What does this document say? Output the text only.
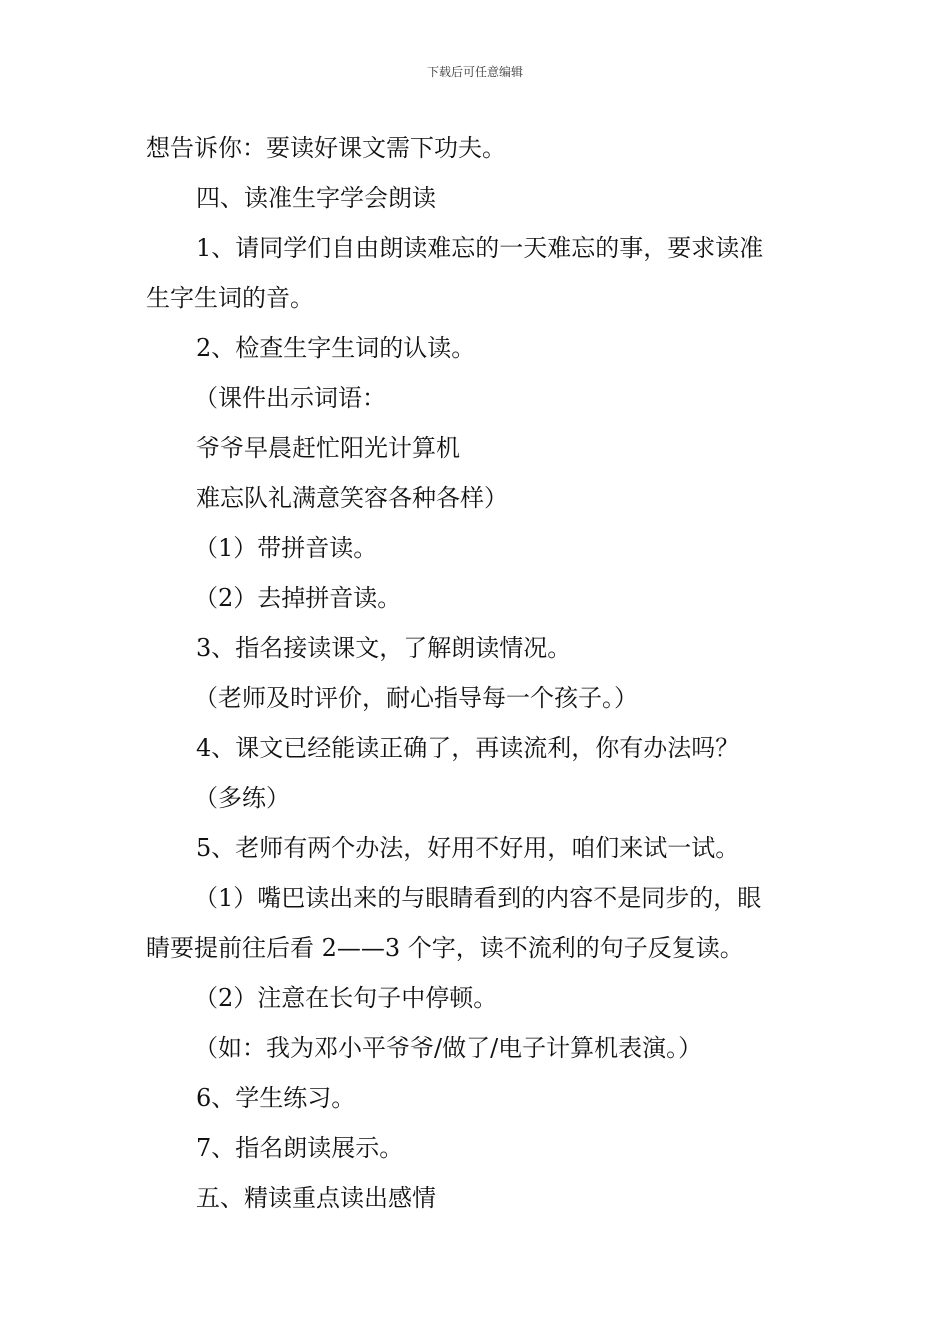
下载后可任意编辑
想告诉你：要读好课文需下功夫。
四、读准生字学会朗读
1、请同学们自由朗读难忘的一天难忘的事，要求读准
生字生词的音。
2、检查生字生词的认读。
（课件出示词语：
爷爷早晨赶忙阳光计算机
难忘队礼满意笑容各种各样）
（1）带拼音读。
（2）去掉拼音读。
3、指名接读课文，了解朗读情况。
（老师及时评价，耐心指导每一个孩子。）
4、课文已经能读正确了，再读流利，你有办法吗？
（多练）
5、老师有两个办法，好用不好用，咱们来试一试。
（1）嘴巴读出来的与眼睛看到的内容不是同步的，眼
睛要提前往后看 2——3 个字，读不流利的句子反复读。
（2）注意在长句子中停顿。
（如：我为邓小平爷爷/做了/电子计算机表演。）
6、学生练习。
7、指名朗读展示。
五、精读重点读出感情
